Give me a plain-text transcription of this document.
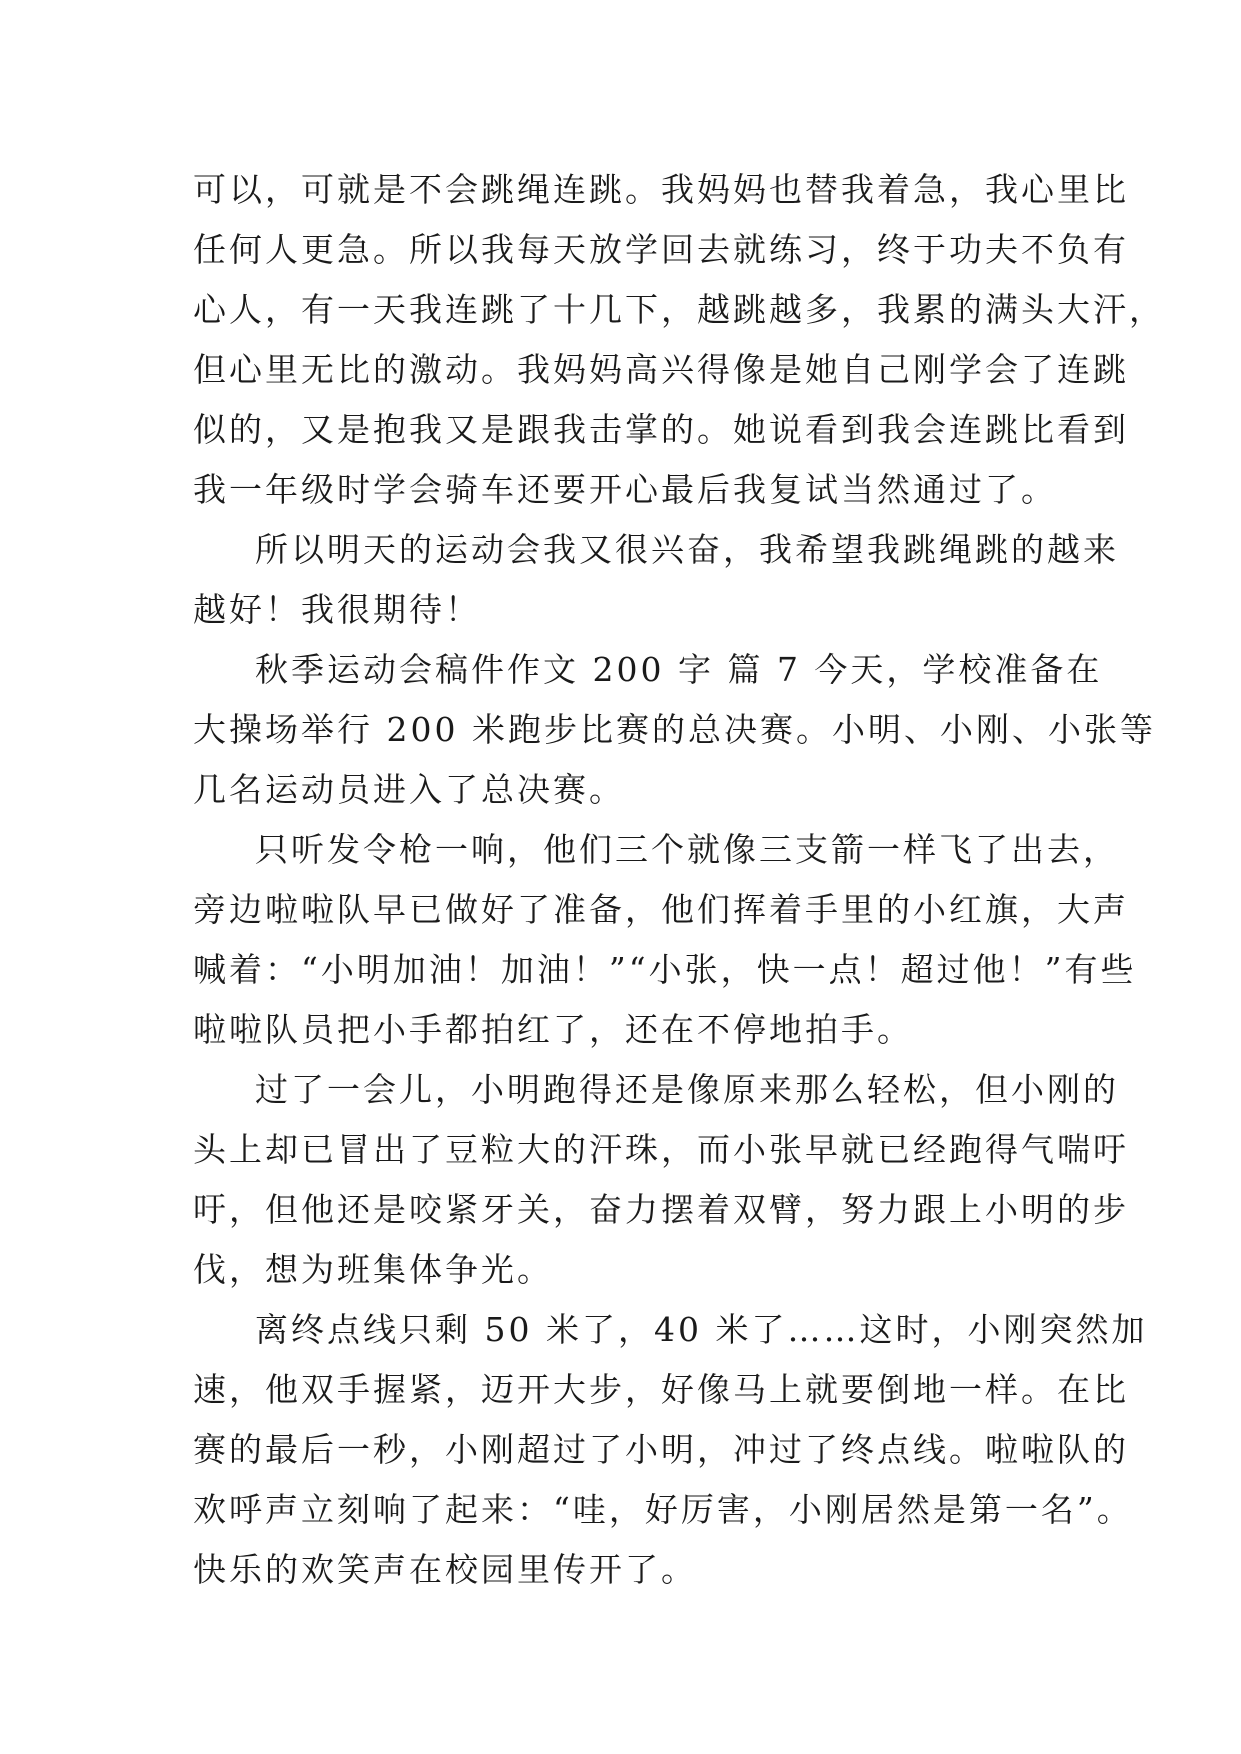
可以，可就是不会跳绳连跳。我妈妈也替我着急，我心里比
任何人更急。所以我每天放学回去就练习，终于功夫不负有
心人，有一天我连跳了十几下，越跳越多，我累的满头大汗，
但心里无比的激动。我妈妈高兴得像是她自己刚学会了连跳
似的，又是抱我又是跟我击掌的。她说看到我会连跳比看到
我一年级时学会骑车还要开心最后我复试当然通过了。
所以明天的运动会我又很兴奋，我希望我跳绳跳的越来
越好！我很期待！
秋季运动会稿件作文 200 字 篇 7 今天，学校准备在
大操场举行 200 米跑步比赛的总决赛。小明、小刚、小张等
几名运动员进入了总决赛。
只听发令枪一响，他们三个就像三支箭一样飞了出去，
旁边啦啦队早已做好了准备，他们挥着手里的小红旗，大声
喊着：“小明加油！加油！”“小张，快一点！超过他！”有些
啦啦队员把小手都拍红了，还在不停地拍手。
过了一会儿，小明跑得还是像原来那么轻松，但小刚的
头上却已冒出了豆粒大的汗珠，而小张早就已经跑得气喘吁
吁，但他还是咬紧牙关，奋力摆着双臂，努力跟上小明的步
伐，想为班集体争光。
离终点线只剩 50 米了，40 米了……这时，小刚突然加
速，他双手握紧，迈开大步，好像马上就要倒地一样。在比
赛的最后一秒，小刚超过了小明，冲过了终点线。啦啦队的
欢呼声立刻响了起来：“哇，好厉害，小刚居然是第一名”。
快乐的欢笑声在校园里传开了。
